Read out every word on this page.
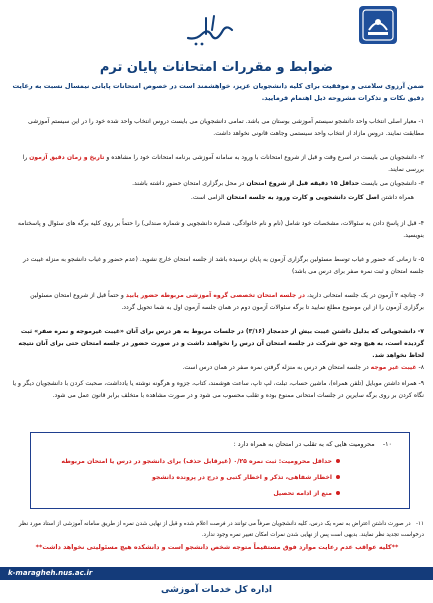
ضوابط و مقررات امتحانات پایان ترم
ضمن آرزوی سلامتی و موفقیت برای کلیه دانشجویان عزیز، خواهشمند است در خصوص امتحانات پایانی نیمسال نسبت به رعایت دقیق نکات و تذکرات مشروحه ذیل اهتمام فرمایید.
۱- معیار اصلی انتخاب واحد دانشجو سیستم آموزشی بوستان می باشد. تمامی دانشجویان می بایست دروس انتخاب واحد شده خود را در این سیستم آموزشی مطابقت نمایند. دروس مازاد از انتخاب واحد سیستمی وجاهت قانونی نخواهد داشت.
۲- دانشجویان می بایست در اسرع وقت و قبل از شروع امتحانات با ورود به سامانه آموزشی برنامه امتحانات خود را مشاهده و تاریخ و زمان دقیق آزمون را بررسی نمایند.
۳- دانشجویان می بایست حداقل ۱۵ دقیقه قبل از شروع امتحان در محل برگزاری امتحان حضور داشته باشند.
همراه داشتن اصل کارت دانشجویی و کارت ورود به جلسه امتحان الزامی است.
۴- قبل از پاسخ دادن به سئوالات، مشخصات خود شامل (نام و نام خانوادگی، شماره دانشجویی و شماره صندلی) را حتماً بر روی کلیه برگه های سئوال و پاسخنامه بنویسید.
۵- تا زمانی که حضور و غیاب توسط مسئولین برگزاری آزمون به پایان نرسیده باشد از جلسه امتحان خارج نشوید. (عدم حضور و غیاب دانشجو به منزله غیبت در جلسه امتحان و ثبت نمره صفر برای درس می باشد)
۶- چنانچه ۲ آزمون در یک جلسه امتحانی دارید، در جلسه امتحان تخصصی گروه آموزشی مربوطه حضور یابید و حتماً قبل از شروع امتحان مسئولین برگزاری آزمون را از این موضوع مطلع نمایید تا برگه سئوالات آزمون دوم در همان جلسه آزمون اول به شما تحویل گردد.
۷- دانشجویانی که بدلیل داشتن غیبت بیش از حدمجاز (۳/۱۶) در جلسات مربوط به هر درس برای آنان «غیبت غیرموجه و نمره صفر» ثبت گردیده است، به هیچ وجه حق شرکت در جلسه امتحان آن درس را نخواهند داشت و در صورت حضور در جلسه امتحان حتی برای آنان نتیجه لحاظ نخواهد شد.
۸- غیبت غیر موجه در جلسه امتحان هر درس به منزله گرفتن نمره صفر در همان درس است.
۹- همراه داشتن موبایل (تلفن همراه)، ماشین حساب، تبلت، لپ تاپ، ساعت هوشمند، کتاب، جزوه و هرگونه نوشته یا یادداشت، صحبت کردن با دانشجویان دیگر و یا نگاه کردن بر روی برگه سایرین در جلسات امتحانی ممنوع بوده و تقلب محسوب می شود و در صورت مشاهده با متخلف برابر قانون عمل می شود.
۱۰-    محرومیت هایی که به تقلب در امتحان به همراه دارد :
حداقل محرومیت: ثبت نمره ۰/۲۵ (غیرقابل حذف) برای دانشجو در درس یا امتحان مربوطه
اخطار شفاهی، تذکر و اخطار کتبی و درج در پرونده دانشجو
منع از ادامه تحصیل
۱۱-   در صورت داشتن اعتراض به نمره یک درس، کلیه دانشجویان صرفاً می توانند در فرصت اعلام شده و قبل از نهایی شدن نمره از طریق سامانه آموزشی از استاد مورد نظر درخواست تجدید نظر نمایند. بدیهی است پس از نهایی شدن نمرات امکان تغییر نمره وجود ندارد.
**کلیه عواقب عدم رعایت موارد فوق مستقیماً متوجه شخص دانشجو است و دانشکده هیچ مسئولیتی نخواهد داشت**
k-maragheh.nus.ac.ir
اداره کل خدمات آموزشی
